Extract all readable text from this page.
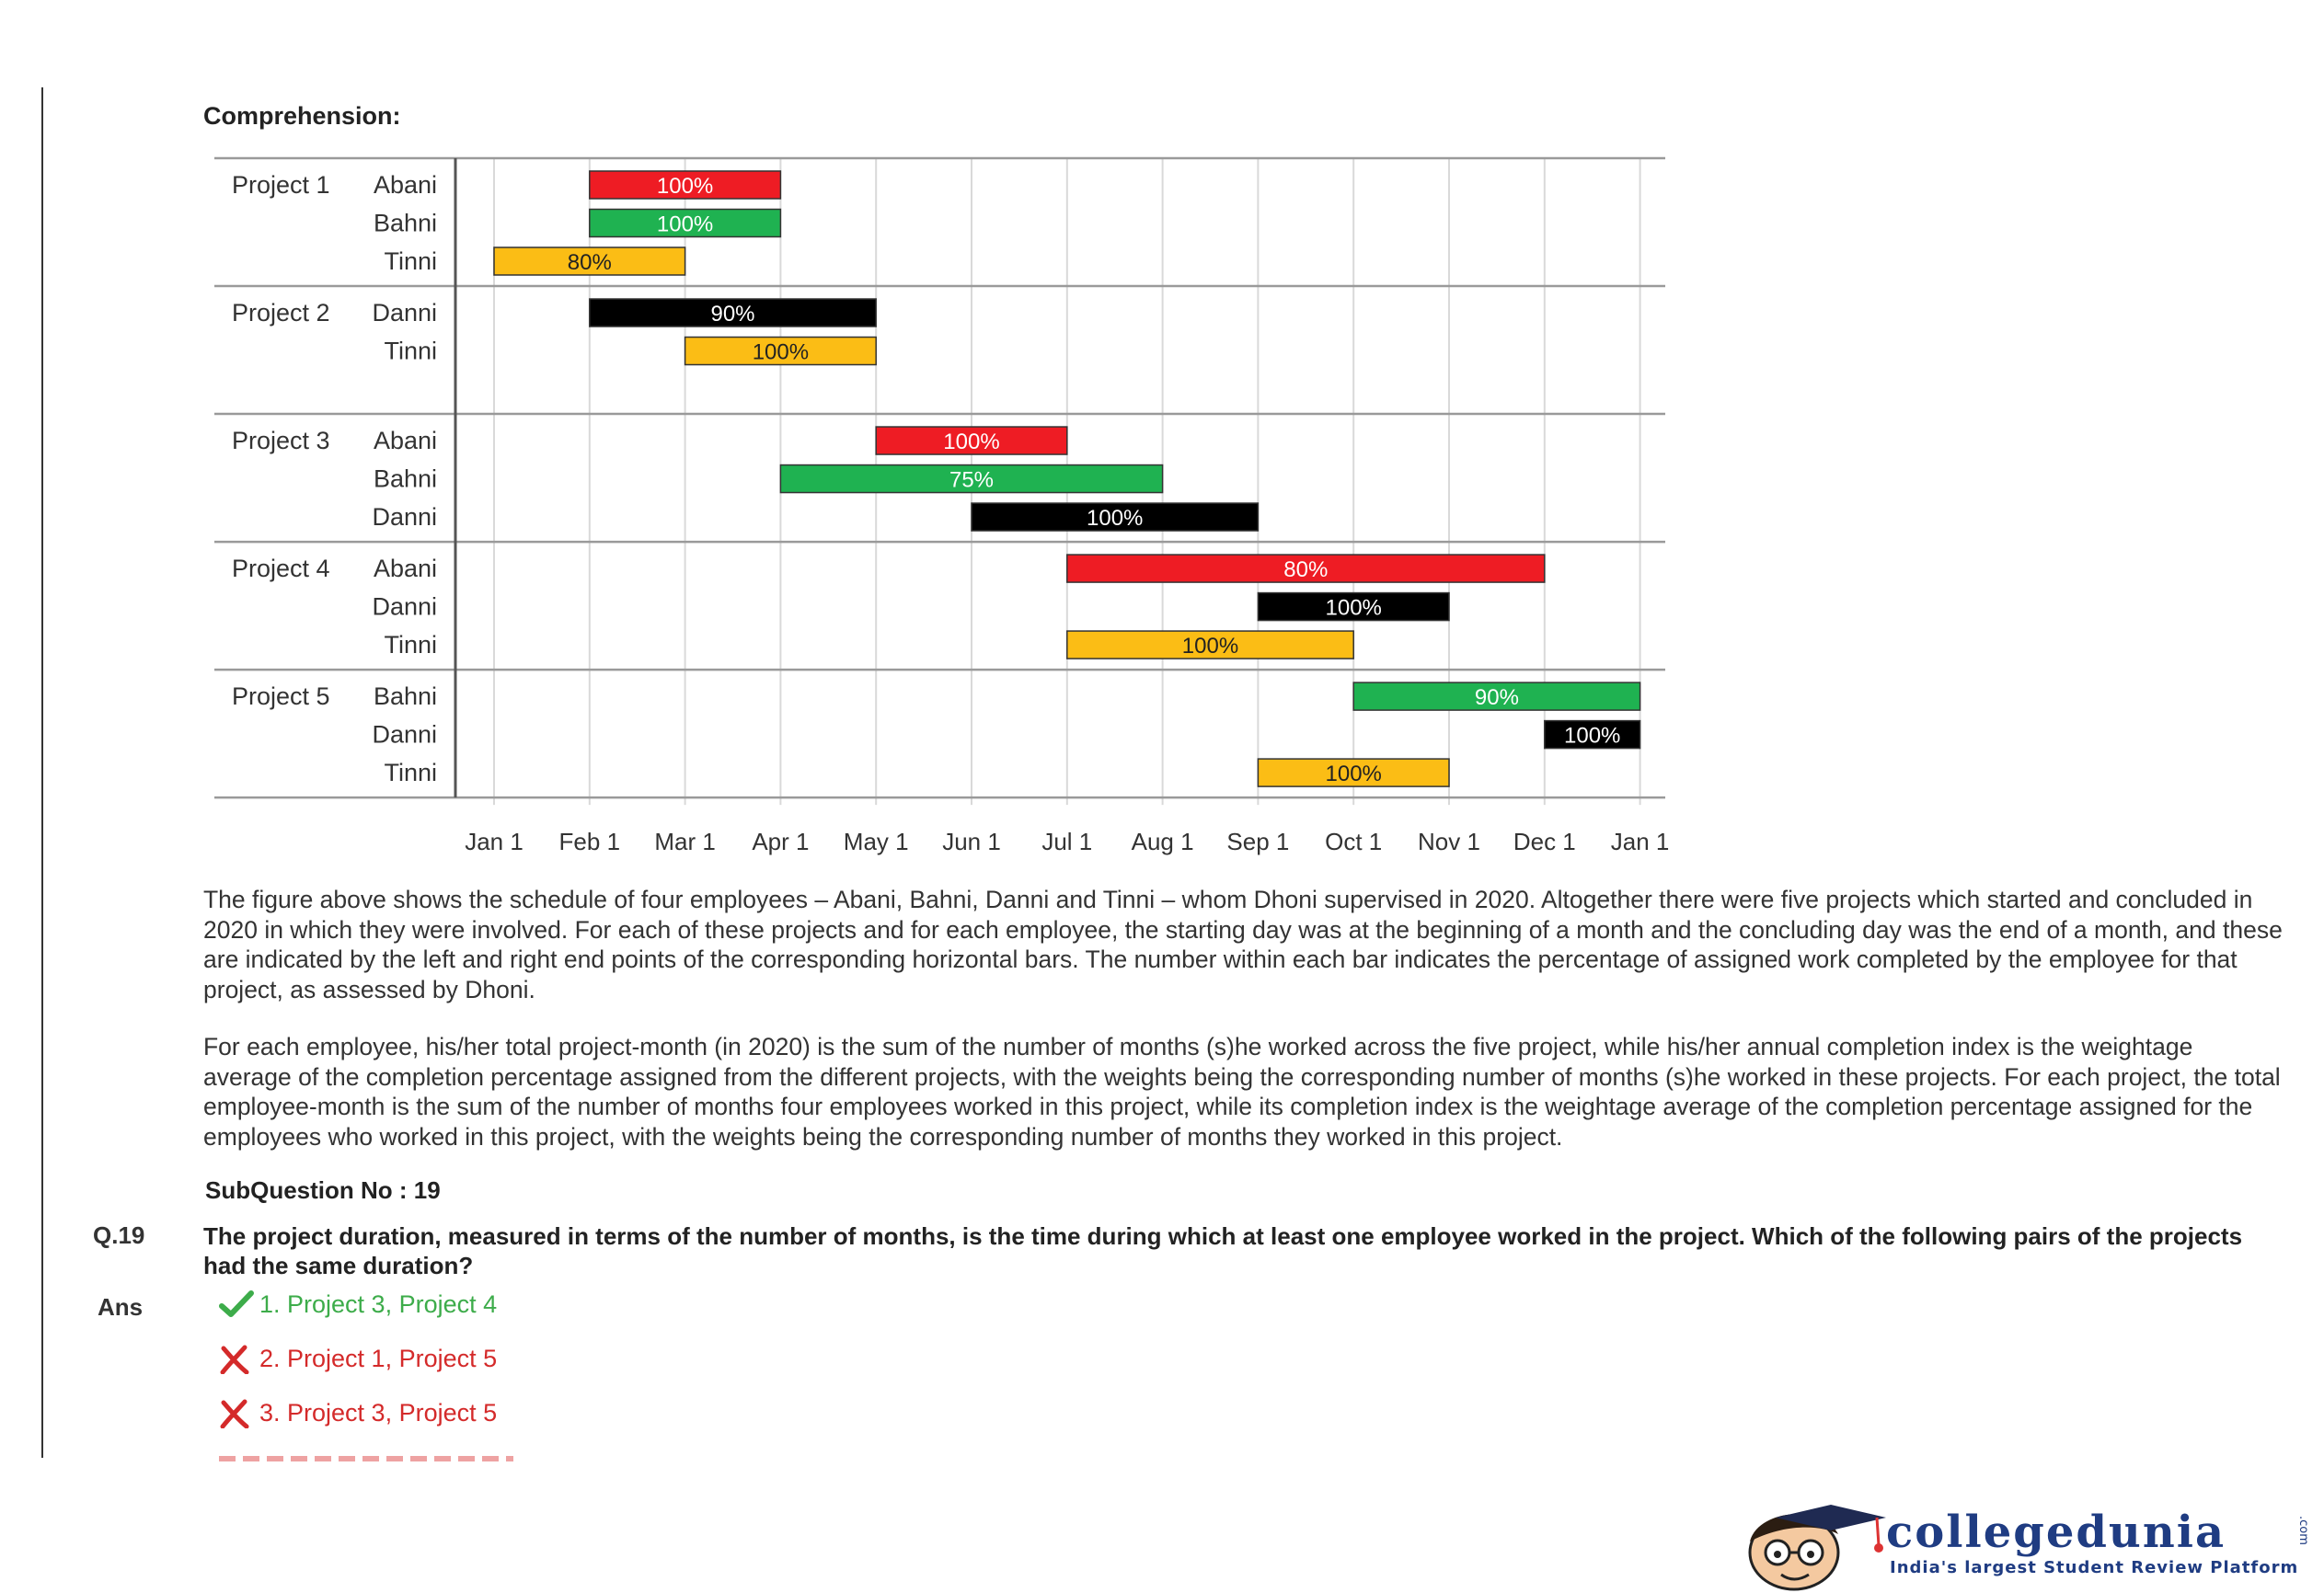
Comprehension:
Project 1 Abani	100%
Bahni	100%
Tinni	80%
Project 2 Danni	90%
Tinni	100%
Project 3 Abani	100%
Bahni	75%
Danni	100%
Project 4 Abani	80%
Danni	100%
Tinni	100%
Project 5 Bahni	90%
Danni	100%
Tinni	100%
Jan 1 Feb 1 Mar 1 Apr 1 May 1 Jun 1 Jul 1 Aug 1 Sep 1 Oct 1 Nov 1 Dec 1 Jan 1
The figure above shows the schedule of four employees – Abani, Bahni, Danni and Tinni – whom Dhoni supervised in 2020. Altogether there were five projects which started and concluded in 2020 in which they were involved. For each of these projects and for each employee, the starting day was at the beginning of a month and the concluding day was the end of a month, and these are indicated by the left and right end points of the corresponding horizontal bars. The number within each bar indicates the percentage of assigned work completed by the employee for that project, as assessed by Dhoni.
For each employee, his/her total project-month (in 2020) is the sum of the number of months (s)he worked across the five project, while his/her annual completion index is the weightage average of the completion percentage assigned from the different projects, with the weights being the corresponding number of months (s)he worked in these projects. For each project, the total employee-month is the sum of the number of months four employees worked in this project, while its completion index is the weightage average of the completion percentage assigned for the employees who worked in this project, with the weights being the corresponding number of months they worked in this project.
SubQuestion No : 19
Q.19 The project duration, measured in terms of the number of months, is the time during which at least one employee worked in the project. Which of the following pairs of the projects had the same duration?
Ans	1. Project 3, Project 4
2. Project 1, Project 5
3. Project 3, Project 5
collegedunia
India's largest Student Review Platform
.com
